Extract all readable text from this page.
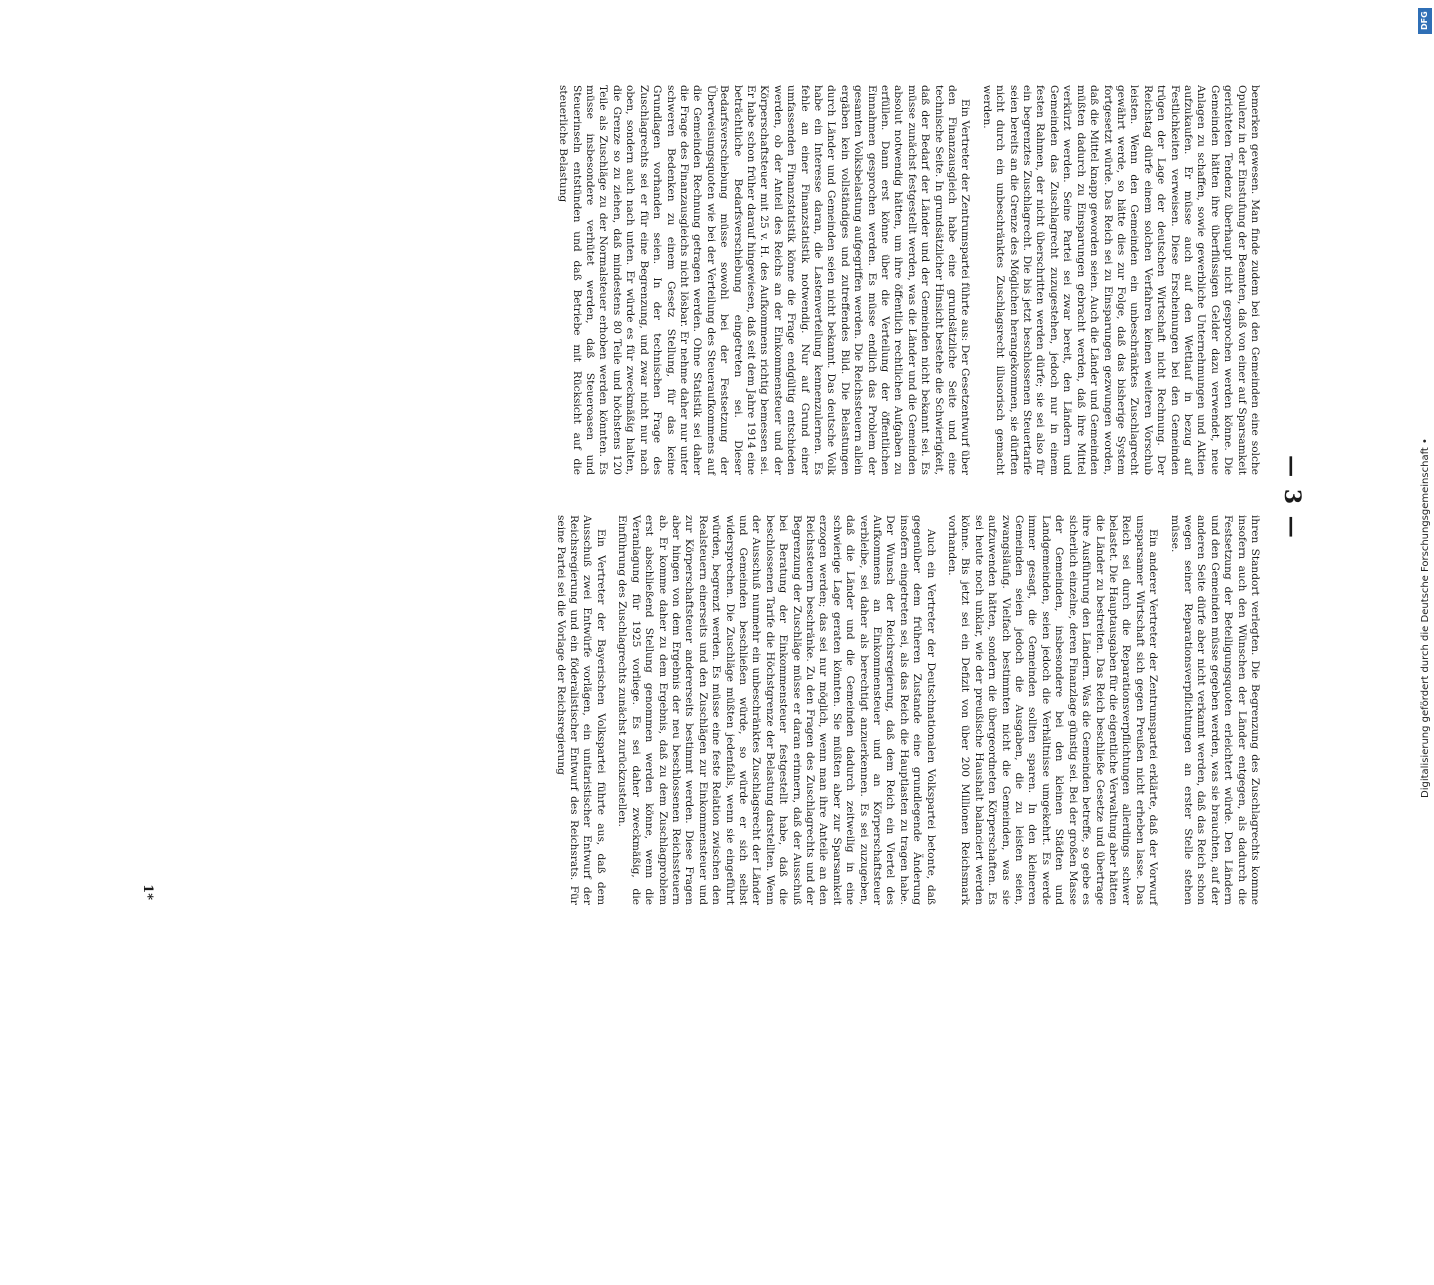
— 3 —

bemerken gewesen. Man finde zudem bei den Gemeinden eine solche Opulenz in der Einstufung der Beamten, daß von einer auf Sparsamkeit gerichteten Tendenz überhaupt nicht gesprochen werden könne. Die Gemeinden hätten ihre überflüssigen Gelder dazu verwendet, neue Anlagen zu schaffen, sowie gewerbliche Unternehmungen und Aktien aufzukaufen. Er müsse auch auf den Wettlauf in bezug auf Festlichkeiten verweisen. Diese Erscheinungen bei den Gemeinden trügen der Lage der deutschen Wirtschaft nicht Rechnung. Der Reichstag dürfe einem solchen Verfahren keinen weiteren Vorschub leisten. Wenn den Gemeinden ein unbeschränktes Zuschlagrecht gewährt werde, so hätte dies zur Folge, daß das bisherige System fortgesetzt würde. Das Reich sei zu Einsparungen gezwungen worden, daß die Mittel knapp geworden seien. Auch die Länder und Gemeinden müßten dadurch zu Einsparungen gebracht werden, daß ihre Mittel verkürzt werden. Seine Partei sei zwar bereit, den Ländern und Gemeinden das Zuschlagrecht zuzugestehen, jedoch nur in einem festen Rahmen, der nicht überschritten werden dürfe; sie sei also für ein begrenztes Zuschlagrecht. Die bis jetzt beschlossenen Steuertarife seien bereits an die Grenze des Möglichen herangekommen, sie dürften nicht durch ein unbeschränktes Zuschlagsrecht illusorisch gemacht werden.

Ein Vertreter der Zentrumspartei führte aus: Der Gesetzentwurf über den Finanzausgleich habe eine grundsätzliche Seite und eine technische Seite. In grundsätzlicher Hinsicht bestehe die Schwierigkeit, daß der Bedarf der Länder und der Gemeinden nicht bekannt sei. Es müsse zunächst festgestellt werden, was die Länder und die Gemeinden absolut notwendig hätten, um ihre öffentlich rechtlichen Aufgaben zu erfüllen. Dann erst könne über die Verteilung der öffentlichen Einnahmen gesprochen werden. Es müsse endlich das Problem der gesamten Volksbelastung aufgegriffen werden. Die Reichssteuern allein ergäben kein vollständiges und zutreffendes Bild. Die Belastungen durch Länder und Gemeinden seien nicht bekannt. Das deutsche Volk habe ein Interesse daran, die Lastenverteilung kennenzulernen. Es fehle an einer Finanzstatistik notwendig. Nur auf Grund einer umfassenden Finanzstatistik könne die Frage endgültig entschieden werden, ob der Anteil des Reichs an der Einkommensteuer und der Körperschaftsteuer mit 25 v. H. des Aufkommens richtig bemessen sei. Er habe schon früher darauf hingewiesen, daß seit dem Jahre 1914 eine beträchtliche Bedarfsverschiebung eingetreten sei. Dieser Bedarfsverschiebung müsse sowohl bei der Festsetzung der Überweisungsquoten wie bei der Verteilung des Steueraufkommens auf die Gemeinden Rechnung getragen werden. Ohne Statistik sei daher die Frage des Finanzausgleichs nicht lösbar. Er nehme daher nur unter schweren Bedenken zu einem Gesetz Stellung, für das keine Grundlagen vorhanden seien. In der technischen Frage des Zuschlagrechts sei er für eine Begrenzung, und zwar nicht nur nach oben, sondern auch nach unten. Er würde es für zweckmäßig halten, die Grenze so zu ziehen, daß mindestens 80 Teile und höchstens 120 Teile als Zuschläge zu der Normalsteuer erhoben werden könnten. Es müsse insbesondere verhütet werden, daß Steueroasen und Steuerinseln entstünden und daß Betriebe mit Rücksicht auf die steuerliche Belastung

ihren Standort verlegten. Die Begrenzung des Zuschlagrechts komme insofern auch den Wünschen der Länder entgegen, als dadurch die Festsetzung der Beteiligungsquoten erleichtert würde. Den Ländern und den Gemeinden müsse gegeben werden, was sie brauchten, auf der anderen Seite dürfe aber nicht verkannt werden, daß das Reich schon wegen seiner Reparationsverpflichtungen an erster Stelle stehen müsse.

Ein anderer Vertreter der Zentrumspartei erklärte, daß der Vorwurf unsparsamer Wirtschaft sich gegen Preußen nicht erheben lasse. Das Reich sei durch die Reparationsverpflichtungen allerdings schwer belastet. Die Hauptausgaben für die eigentliche Verwaltung aber hätten die Länder zu bestreiten. Das Reich beschließe Gesetze und übertrage ihre Ausführung den Ländern. Was die Gemeinden betreffe, so gebe es sicherlich einzelne, deren Finanzlage günstig sei. Bei der großen Masse der Gemeinden, insbesondere bei den kleinen Städten und Landgemeinden, seien jedoch die Verhältnisse umgekehrt. Es werde immer gesagt, die Gemeinden sollten sparen. In den kleineren Gemeinden seien jedoch die Ausgaben, die zu leisten seien, zwangsläufig. Vielfach bestimmten nicht die Gemeinden, was sie aufzuwenden hätten, sondern die übergeordneten Körperschaften. Es sei heute noch unklar, wie der preußische Haushalt balanciert werden könne. Bis jetzt sei ein Defizit von über 200 Millionen Reichsmark vorhanden.

Auch ein Vertreter der Deutschnationalen Volkspartei betonte, daß gegenüber dem früheren Zustande eine grundlegende Änderung insofern eingetreten sei, als das Reich die Hauptlasten zu tragen habe. Der Wunsch der Reichsregierung, daß dem Reich ein Viertel des Aufkommens an Einkommensteuer und an Körperschaftsteuer verbleibe, sei daher als berechtigt anzuerkennen. Es sei zuzugeben, daß die Länder und die Gemeinden dadurch zeitweilig in eine schwierige Lage geraten könnten. Sie müßten aber zur Sparsamkeit erzogen werden; das sei nur möglich, wenn man ihre Anteile an den Reichssteuern beschränke. Zu den Fragen des Zuschlagrechts und der Begrenzung der Zuschläge müsse er daran erinnern, daß der Ausschuß bei Beratung der Einkommensteuer festgestellt habe, daß die beschlossenen Tarife die Höchstgrenze der Belastung darstellten. Wenn der Ausschuß nunmehr ein unbeschränktes Zuschlagsrecht der Länder und Gemeinden beschließen würde, so würde er sich selbst widersprechen. Die Zuschläge müßten jedenfalls, wenn sie eingeführt würden, begrenzt werden. Es müsse eine feste Relation zwischen den Realsteuern einerseits und den Zuschlägen zur Einkommensteuer und zur Körperschaftsteuer andererseits bestimmt werden. Diese Fragen aber hingen von dem Ergebnis der neu beschlossenen Reichssteuern ab. Er komme daher zu dem Ergebnis, daß zu dem Zuschlagproblem erst abschließend Stellung genommen werden könne, wenn die Veranlagung für 1925 vorliege. Es sei daher zweckmäßig, die Einführung des Zuschlagrechts zunächst zurückzustellen.

Ein Vertreter der Bayerischen Volkspartei führte aus, daß dem Ausschuß zwei Entwürfe vorlägen, ein unitaristischer Entwurf der Reichsregierung und ein föderalistischer Entwurf des Reichsrats. Für seine Partei sei die Vorlage der Reichsregierung

1*
Digitalisierung gefördert durch die Deutsche Forschungsgemeinschaft •
DFG
